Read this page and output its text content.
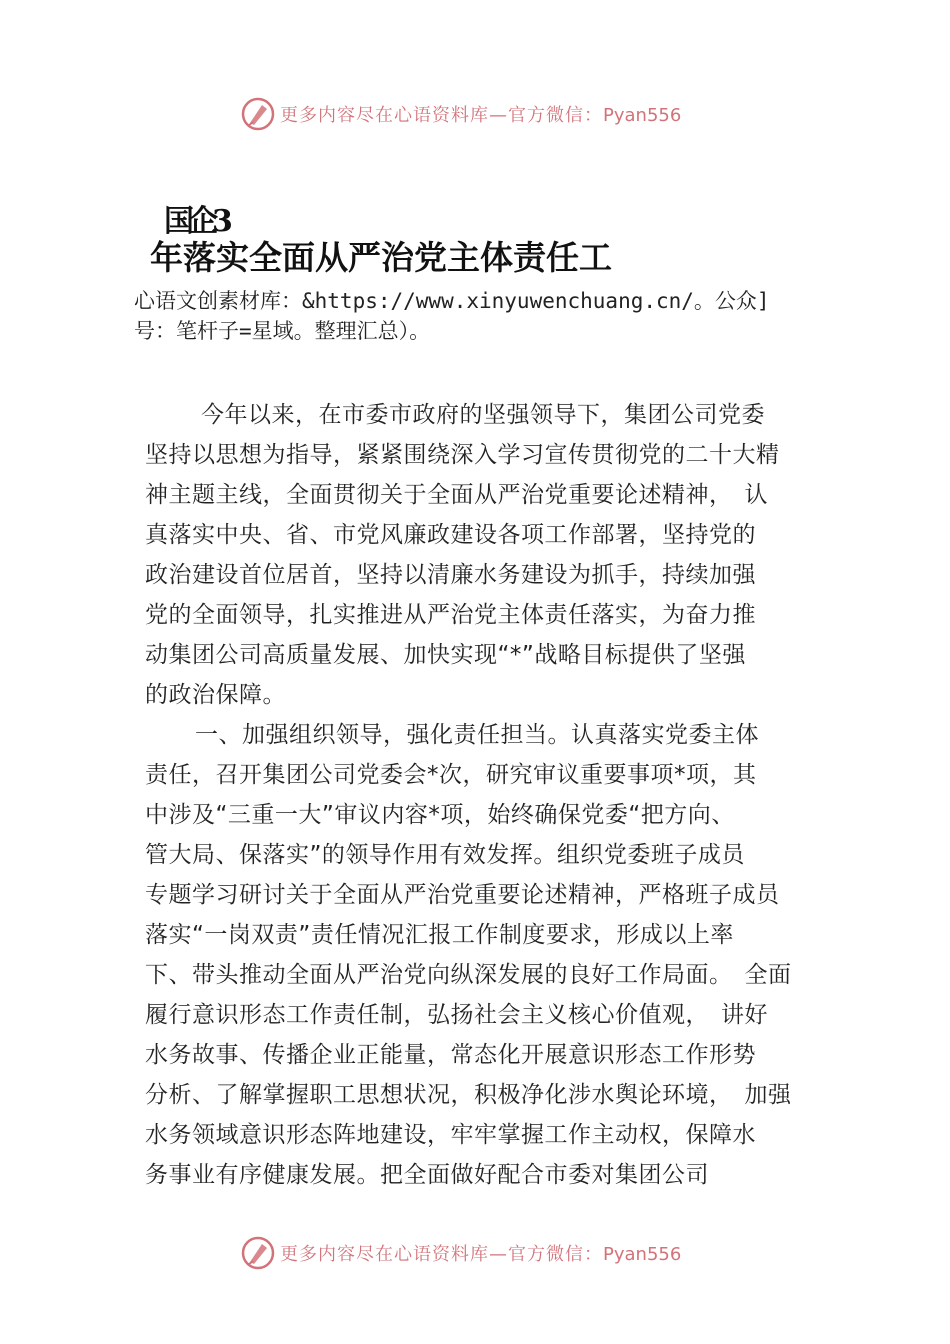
更多内容尽在心语资料库—官方微信：Pyan556
国企3
年落实全面从严治党主体责任工
心语文创素材库：&https://www.xinyuwenchuang.cn/。公众]
号：笔杆子=星域。整理汇总）。
今年以来，在市委市政府的坚强领导下，集团公司党委
坚持以思想为指导，紧紧围绕深入学习宣传贯彻党的二十大精
神主题主线，全面贯彻关于全面从严治党重要论述精神，　认
真落实中央、省、市党风廉政建设各项工作部署，坚持党的
政治建设首位居首，坚持以清廉水务建设为抓手，持续加强
党的全面领导，扎实推进从严治党主体责任落实，为奋力推
动集团公司高质量发展、加快实现“*”战略目标提供了坚强
的政治保障。
一、加强组织领导，强化责任担当。认真落实党委主体
责任，召开集团公司党委会*次，研究审议重要事项*项，其
中涉及“三重一大”审议内容*项，始终确保党委“把方向、
管大局、保落实”的领导作用有效发挥。组织党委班子成员
专题学习研讨关于全面从严治党重要论述精神，严格班子成员
落实“一岗双责”责任情况汇报工作制度要求，形成以上率
下、带头推动全面从严治党向纵深发展的良好工作局面。　全面
履行意识形态工作责任制，弘扬社会主义核心价值观，　讲好
水务故事、传播企业正能量，常态化开展意识形态工作形势
分析、了解掌握职工思想状况，积极净化涉水舆论环境，　加强
水务领域意识形态阵地建设，牢牢掌握工作主动权，保障水
务事业有序健康发展。把全面做好配合市委对集团公司
更多内容尽在心语资料库—官方微信：Pyan556
